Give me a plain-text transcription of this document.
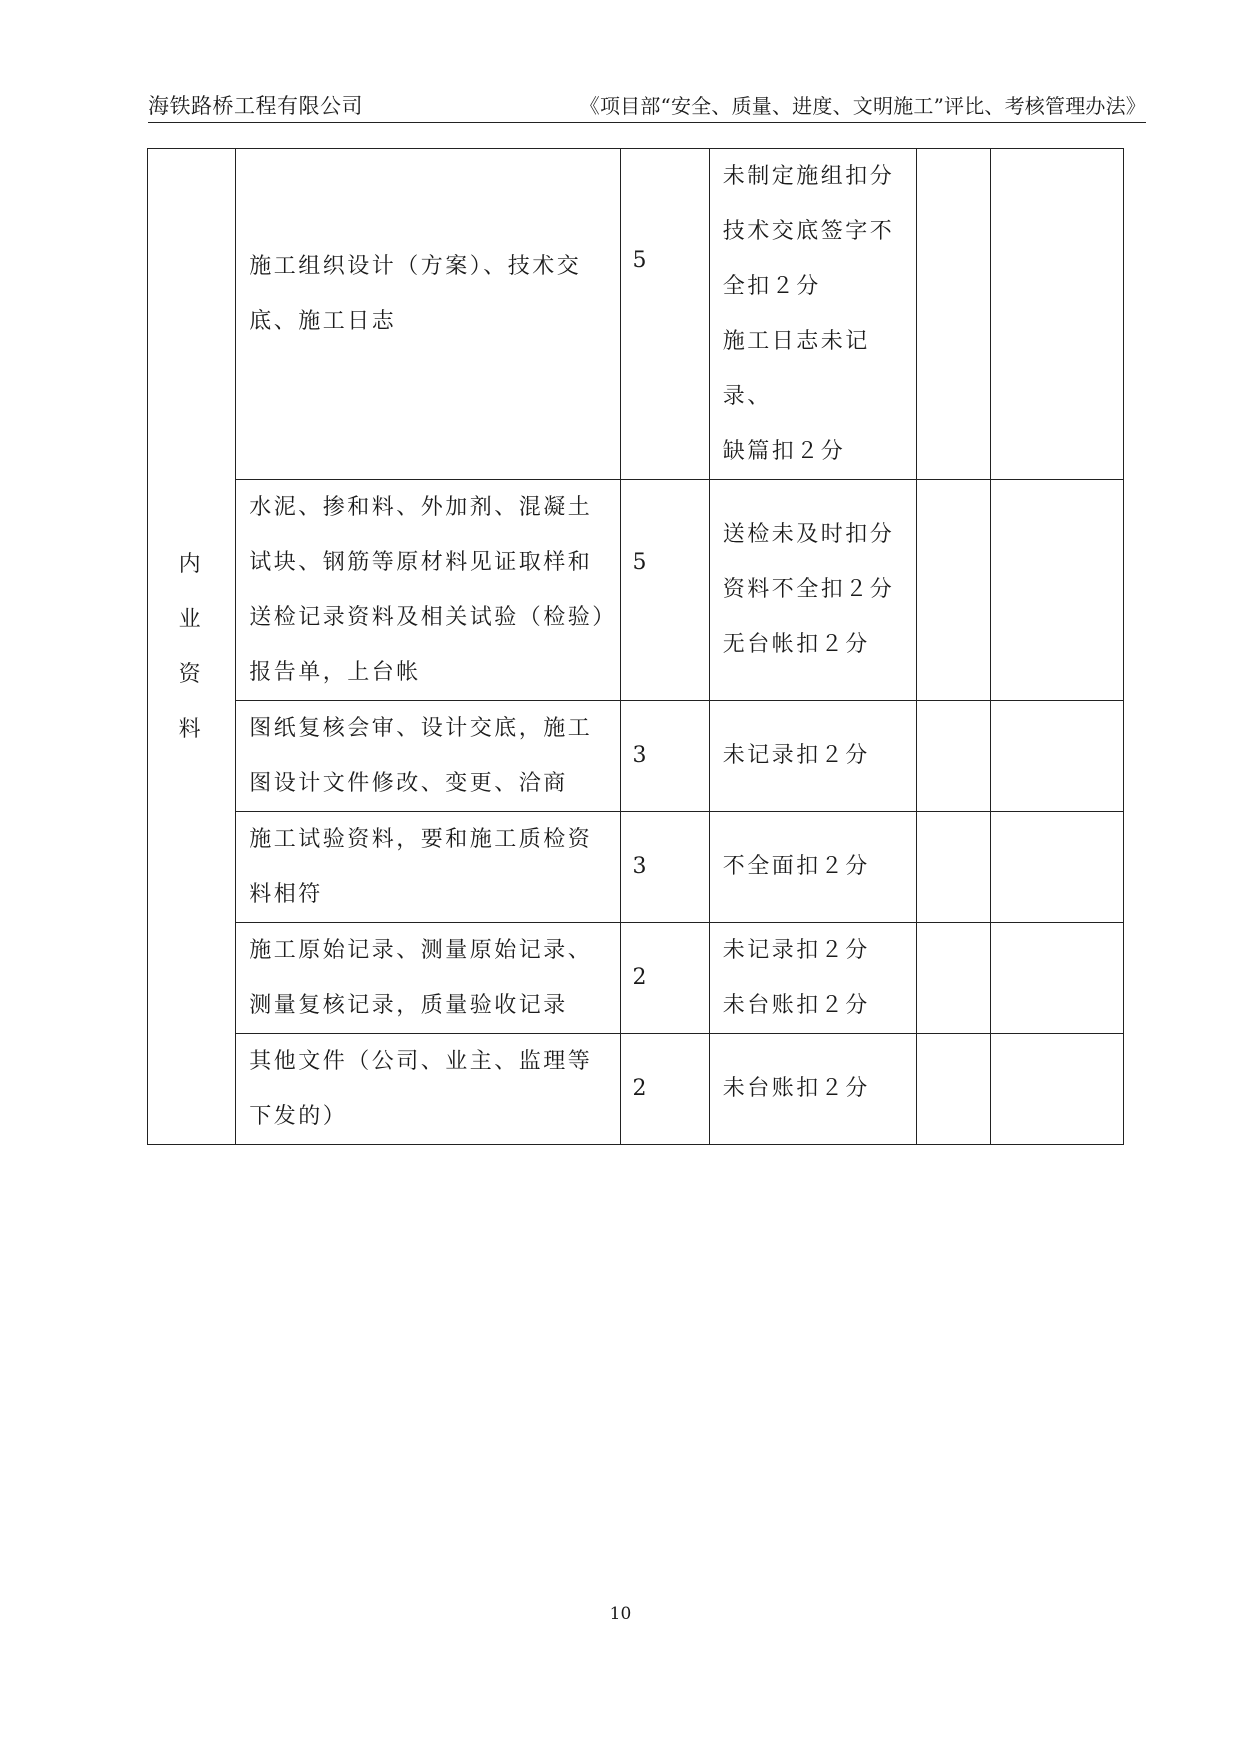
海铁路桥工程有限公司	《项目部“安全、质量、进度、文明施工”评比、考核管理办法》
内业资料	施工组织设计（方案）、技术交底、施工日志	5	未制定施组扣分
技术交底签字不
全扣２分
施工日志未记录、
缺篇扣２分		

	水泥、掺和料、外加剂、混凝土试块、钢筋等原材料见证取样和送检记录资料及相关试验（检验）报告单，上台帐	5	送检未及时扣分
资料不全扣２分
无台帐扣２分		

	图纸复核会审、设计交底，施工图设计文件修改、变更、洽商	3	未记录扣２分		

	施工试验资料，要和施工质检资料相符	3	不全面扣２分		

	施工原始记录、测量原始记录、测量复核记录，质量验收记录	2	未记录扣２分
未台账扣２分		

	其他文件（公司、业主、监理等下发的）	2	未台账扣２分		

10
